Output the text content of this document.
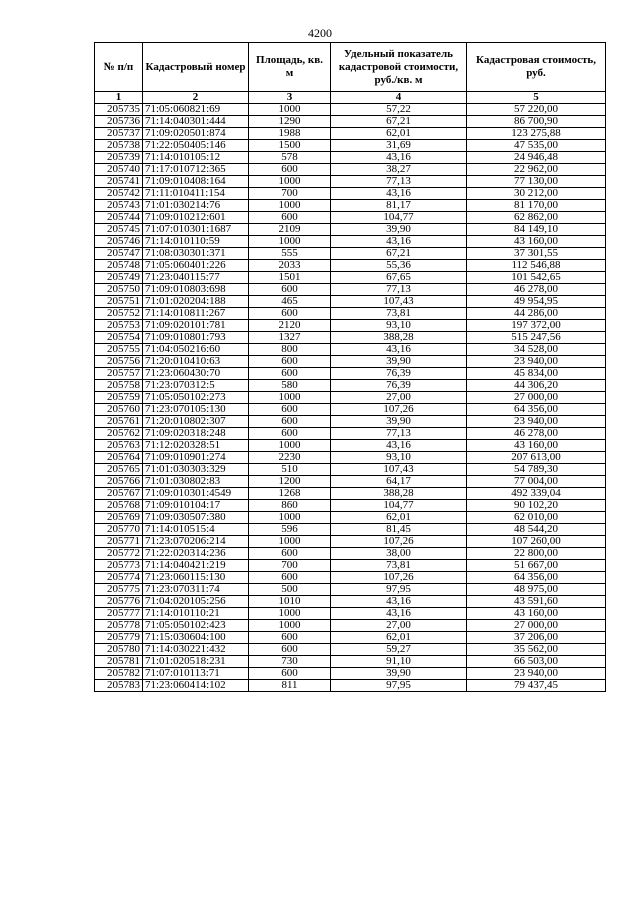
4200
№ п/п	Кадастровый номер	Площадь, кв. м	Удельный показатель кадастровой стоимости, руб./кв. м	Кадастровая стоимость, руб.
1	2	3	4	5
205735	71:05:060821:69	1000	57,22	57 220,00
205736	71:14:040301:444	1290	67,21	86 700,90
205737	71:09:020501:874	1988	62,01	123 275,88
205738	71:22:050405:146	1500	31,69	47 535,00
205739	71:14:010105:12	578	43,16	24 946,48
205740	71:17:010712:365	600	38,27	22 962,00
205741	71:09:010408:164	1000	77,13	77 130,00
205742	71:11:010411:154	700	43,16	30 212,00
205743	71:01:030214:76	1000	81,17	81 170,00
205744	71:09:010212:601	600	104,77	62 862,00
205745	71:07:010301:1687	2109	39,90	84 149,10
205746	71:14:010110:59	1000	43,16	43 160,00
205747	71:08:030301:371	555	67,21	37 301,55
205748	71:05:060401:226	2033	55,36	112 546,88
205749	71:23:040115:77	1501	67,65	101 542,65
205750	71:09:010803:698	600	77,13	46 278,00
205751	71:01:020204:188	465	107,43	49 954,95
205752	71:14:010811:267	600	73,81	44 286,00
205753	71:09:020101:781	2120	93,10	197 372,00
205754	71:09:010801:793	1327	388,28	515 247,56
205755	71:04:050216:60	800	43,16	34 528,00
205756	71:20:010410:63	600	39,90	23 940,00
205757	71:23:060430:70	600	76,39	45 834,00
205758	71:23:070312:5	580	76,39	44 306,20
205759	71:05:050102:273	1000	27,00	27 000,00
205760	71:23:070105:130	600	107,26	64 356,00
205761	71:20:010802:307	600	39,90	23 940,00
205762	71:09:020318:248	600	77,13	46 278,00
205763	71:12:020328:51	1000	43,16	43 160,00
205764	71:09:010901:274	2230	93,10	207 613,00
205765	71:01:030303:329	510	107,43	54 789,30
205766	71:01:030802:83	1200	64,17	77 004,00
205767	71:09:010301:4549	1268	388,28	492 339,04
205768	71:09:010104:17	860	104,77	90 102,20
205769	71:09:030507:380	1000	62,01	62 010,00
205770	71:14:010515:4	596	81,45	48 544,20
205771	71:23:070206:214	1000	107,26	107 260,00
205772	71:22:020314:236	600	38,00	22 800,00
205773	71:14:040421:219	700	73,81	51 667,00
205774	71:23:060115:130	600	107,26	64 356,00
205775	71:23:070311:74	500	97,95	48 975,00
205776	71:04:020105:256	1010	43,16	43 591,60
205777	71:14:010110:21	1000	43,16	43 160,00
205778	71:05:050102:423	1000	27,00	27 000,00
205779	71:15:030604:100	600	62,01	37 206,00
205780	71:14:030221:432	600	59,27	35 562,00
205781	71:01:020518:231	730	91,10	66 503,00
205782	71:07:010113:71	600	39,90	23 940,00
205783	71:23:060414:102	811	97,95	79 437,45
